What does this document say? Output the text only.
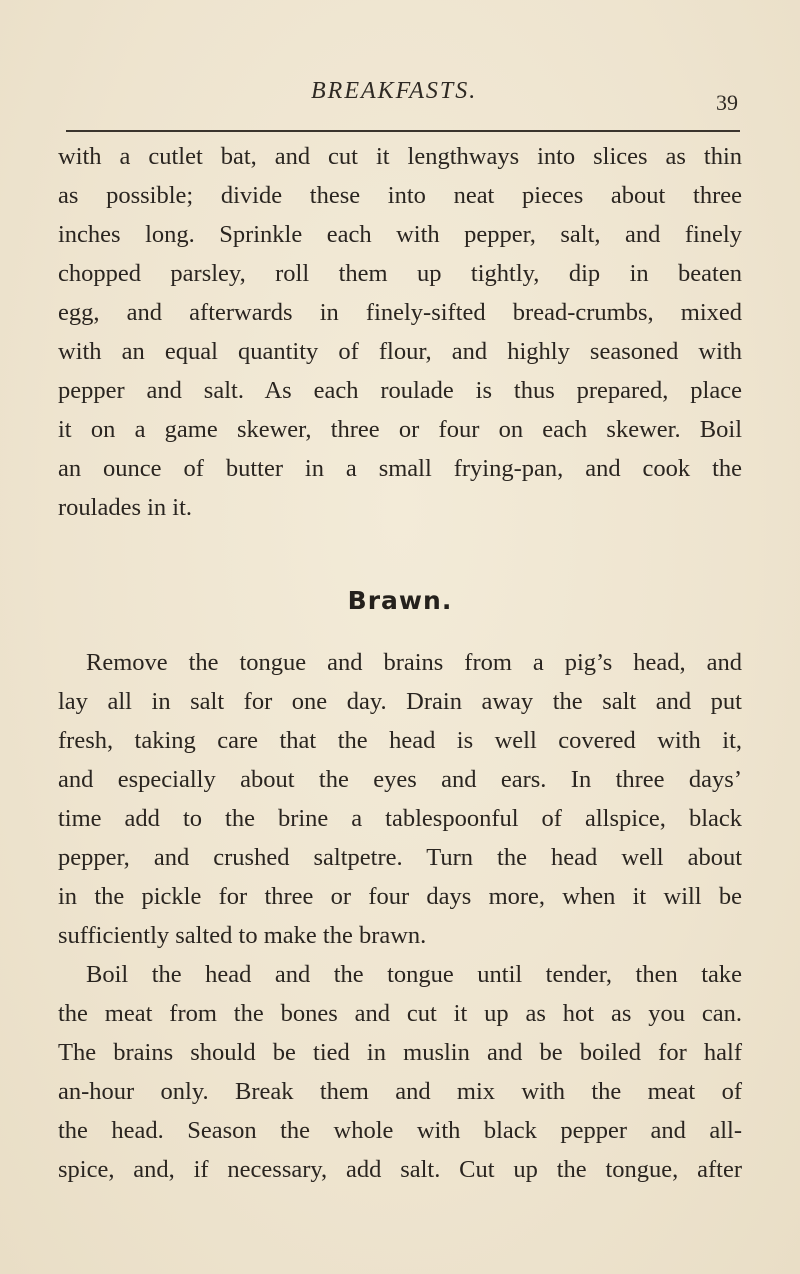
BREAKFASTS.	39
with a cutlet bat, and cut it lengthways into slices as thin
as possible; divide these into neat pieces about three
inches long. Sprinkle each with pepper, salt, and finely
chopped parsley, roll them up tightly, dip in beaten
egg, and afterwards in finely-sifted bread-crumbs, mixed
with an equal quantity of flour, and highly seasoned with
pepper and salt. As each roulade is thus prepared, place
it on a game skewer, three or four on each skewer. Boil
an ounce of butter in a small frying-pan, and cook the
roulades in it.
Brawn.
Remove the tongue and brains from a pig’s head, and
lay all in salt for one day. Drain away the salt and put
fresh, taking care that the head is well covered with it,
and especially about the eyes and ears. In three days’
time add to the brine a tablespoonful of allspice, black
pepper, and crushed saltpetre. Turn the head well about
in the pickle for three or four days more, when it will be
sufficiently salted to make the brawn.
Boil the head and the tongue until tender, then take
the meat from the bones and cut it up as hot as you can.
The brains should be tied in muslin and be boiled for half
an-hour only. Break them and mix with the meat of
the head. Season the whole with black pepper and all-
spice, and, if necessary, add salt. Cut up the tongue, after
